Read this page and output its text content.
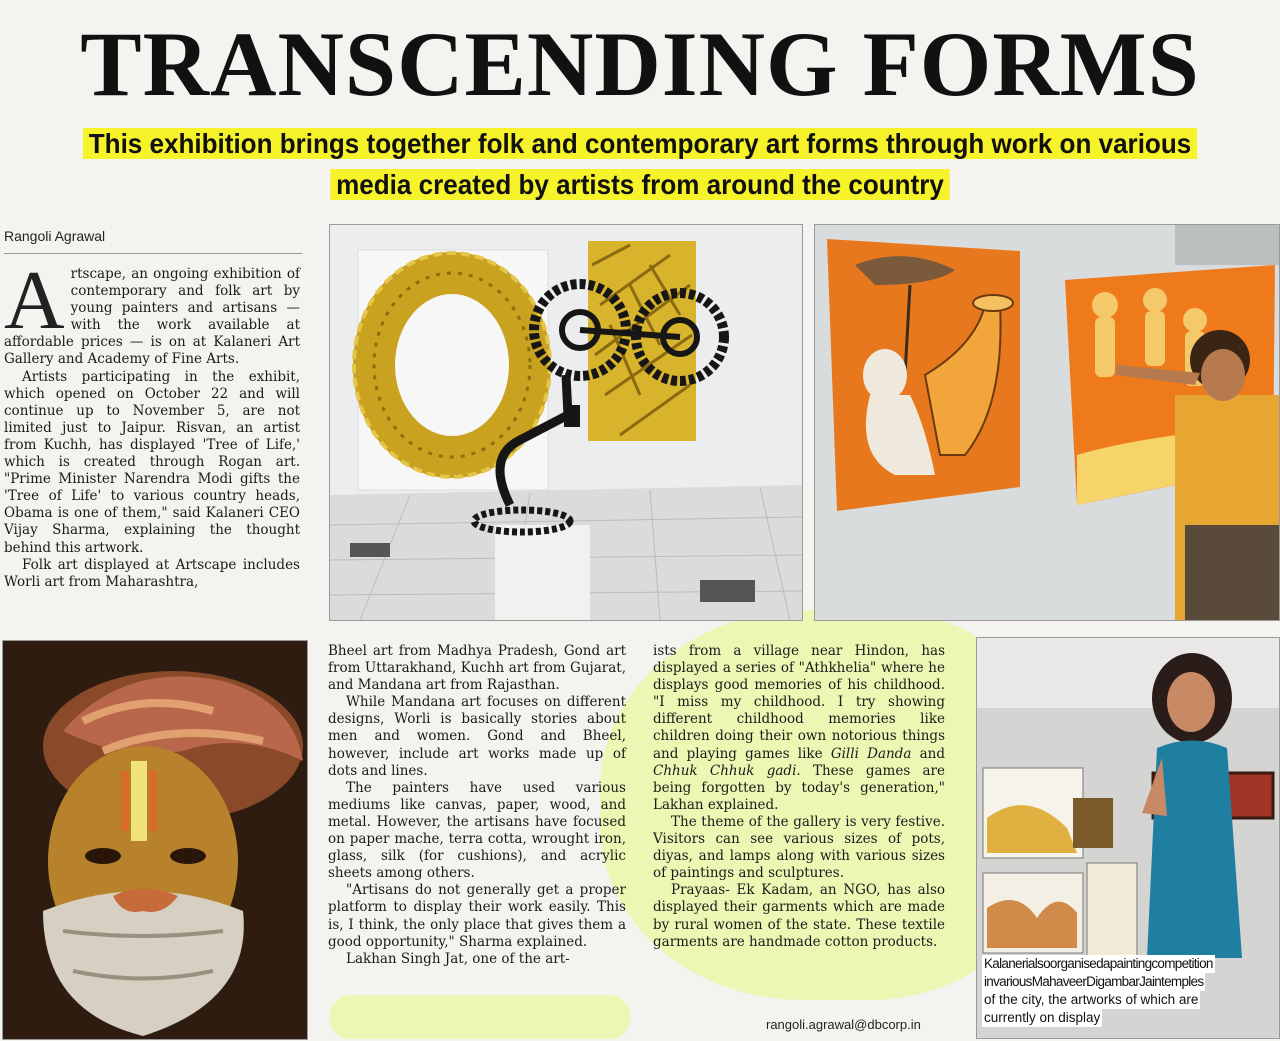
TRANSCENDING FORMS
This exhibition brings together folk and contemporary art forms through work on various
media created by artists from around the country
Rangoli Agrawal

Artscape, an ongoing exhibition of contemporary and folk art by young painters and artisans —with the work available at affordable prices — is on at Kalaneri Art Gallery and Academy of Fine Arts.

Artists participating in the exhibit, which opened on October 22 and will continue up to November 5, are not limited just to Jaipur. Risvan, an artist from Kuchh, has displayed 'Tree of Life,' which is created through Rogan art. "Prime Minister Narendra Modi gifts the 'Tree of Life' to various country heads, Obama is one of them," said Kalaneri CEO Vijay Sharma, explaining the thought behind this artwork.

Folk art displayed at Artscape includes Worli art from Maharashtra,

Bheel art from Madhya Pradesh, Gond art from Uttarakhand, Kuchh art from Gujarat, and Mandana art from Rajasthan.

While Mandana art focuses on different designs, Worli is basically stories about men and women. Gond and Bheel, however, include art works made up of dots and lines.

The painters have used various mediums like canvas, paper, wood, and metal. However, the artisans have focused on paper mache, terra cotta, wrought iron, glass, silk (for cushions), and acrylic sheets among others.

"Artisans do not generally get a proper platform to display their work easily. This is, I think, the only place that gives them a good opportunity," Sharma explained.

Lakhan Singh Jat, one of the art-

ists from a village near Hindon, has displayed a series of "Athkhelia" where he displays good memories of his childhood. "I miss my childhood. I try showing different childhood memories like children doing their own notorious things and playing games like Gilli Danda and Chhuk Chhuk gadi. These games are being forgotten by today's generation," Lakhan explained.

The theme of the gallery is very festive. Visitors can see various sizes of pots, diyas, and lamps along with various sizes of paintings and sculptures.

Prayaas- Ek Kadam, an NGO, has also displayed their garments which are made by rural women of the state. These textile garments are handmade cotton products.

rangoli.agrawal@dbcorp.in
Kalanerialsoorganisedapaintingcompetition
invariousMahaveerDigambarJaintemples
of the city, the artworks of which are
currently on display
